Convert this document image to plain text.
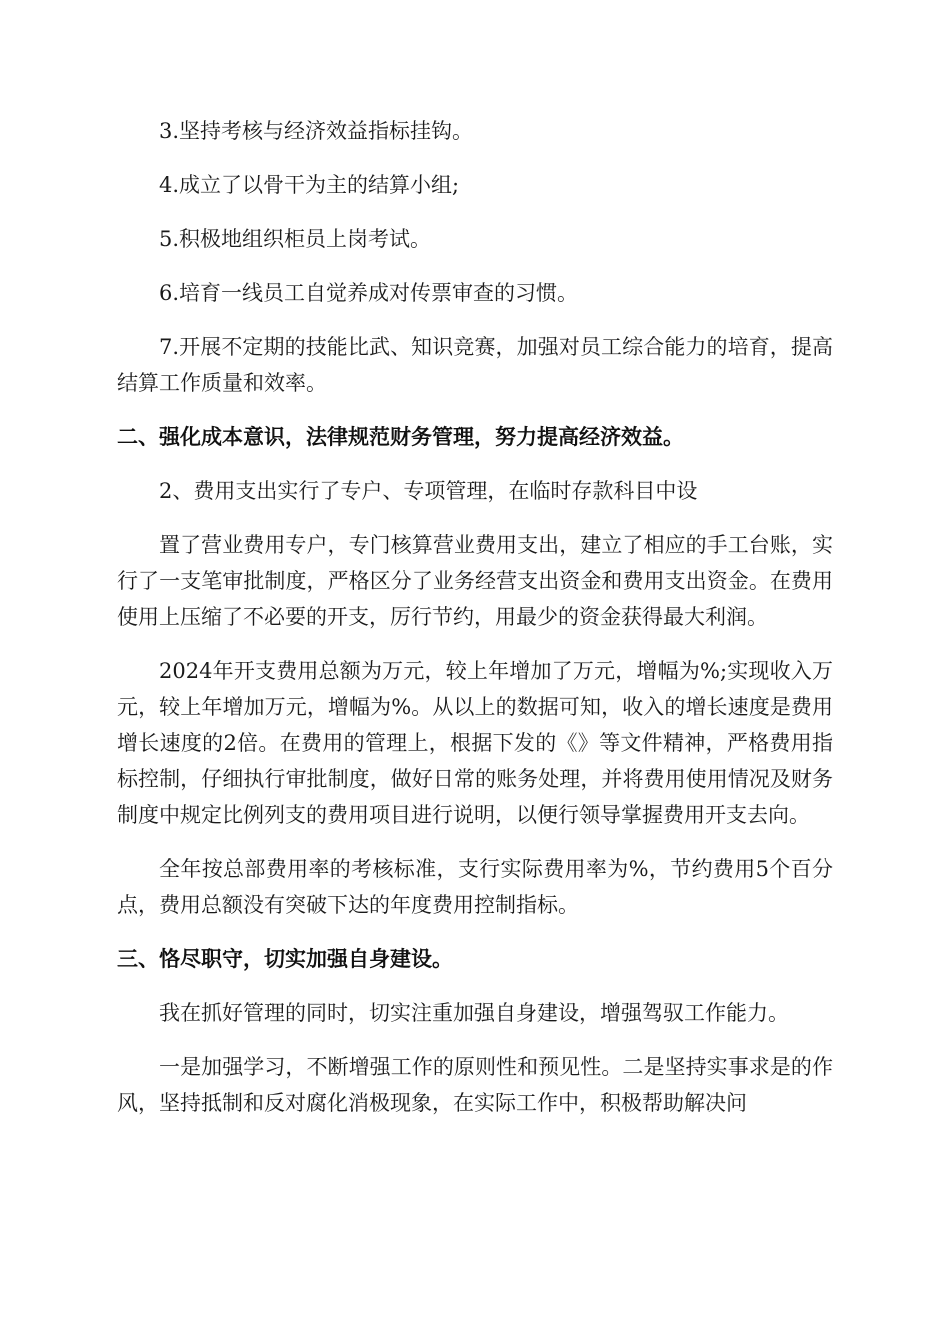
3.坚持考核与经济效益指标挂钩。

4.成立了以骨干为主的结算小组;

5.积极地组织柜员上岗考试。

6.培育一线员工自觉养成对传票审查的习惯。

7.开展不定期的技能比武、知识竞赛，加强对员工综合能力的培育，提高结算工作质量和效率。

二、强化成本意识，法律规范财务管理，努力提高经济效益。

2、费用支出实行了专户、专项管理，在临时存款科目中设

置了营业费用专户，专门核算营业费用支出，建立了相应的手工台账，实行了一支笔审批制度，严格区分了业务经营支出资金和费用支出资金。在费用使用上压缩了不必要的开支，厉行节约，用最少的资金获得最大利润。

2024年开支费用总额为万元，较上年增加了万元，增幅为%;实现收入万元，较上年增加万元，增幅为%。从以上的数据可知，收入的增长速度是费用增长速度的2倍。在费用的管理上，根据下发的《》等文件精神，严格费用指标控制，仔细执行审批制度，做好日常的账务处理，并将费用使用情况及财务制度中规定比例列支的费用项目进行说明，以便行领导掌握费用开支去向。

全年按总部费用率的考核标准，支行实际费用率为%，节约费用5个百分点，费用总额没有突破下达的年度费用控制指标。

三、恪尽职守，切实加强自身建设。

我在抓好管理的同时，切实注重加强自身建设，增强驾驭工作能力。

一是加强学习，不断增强工作的原则性和预见性。二是坚持实事求是的作风，坚持抵制和反对腐化消极现象，在实际工作中，积极帮助解决问
